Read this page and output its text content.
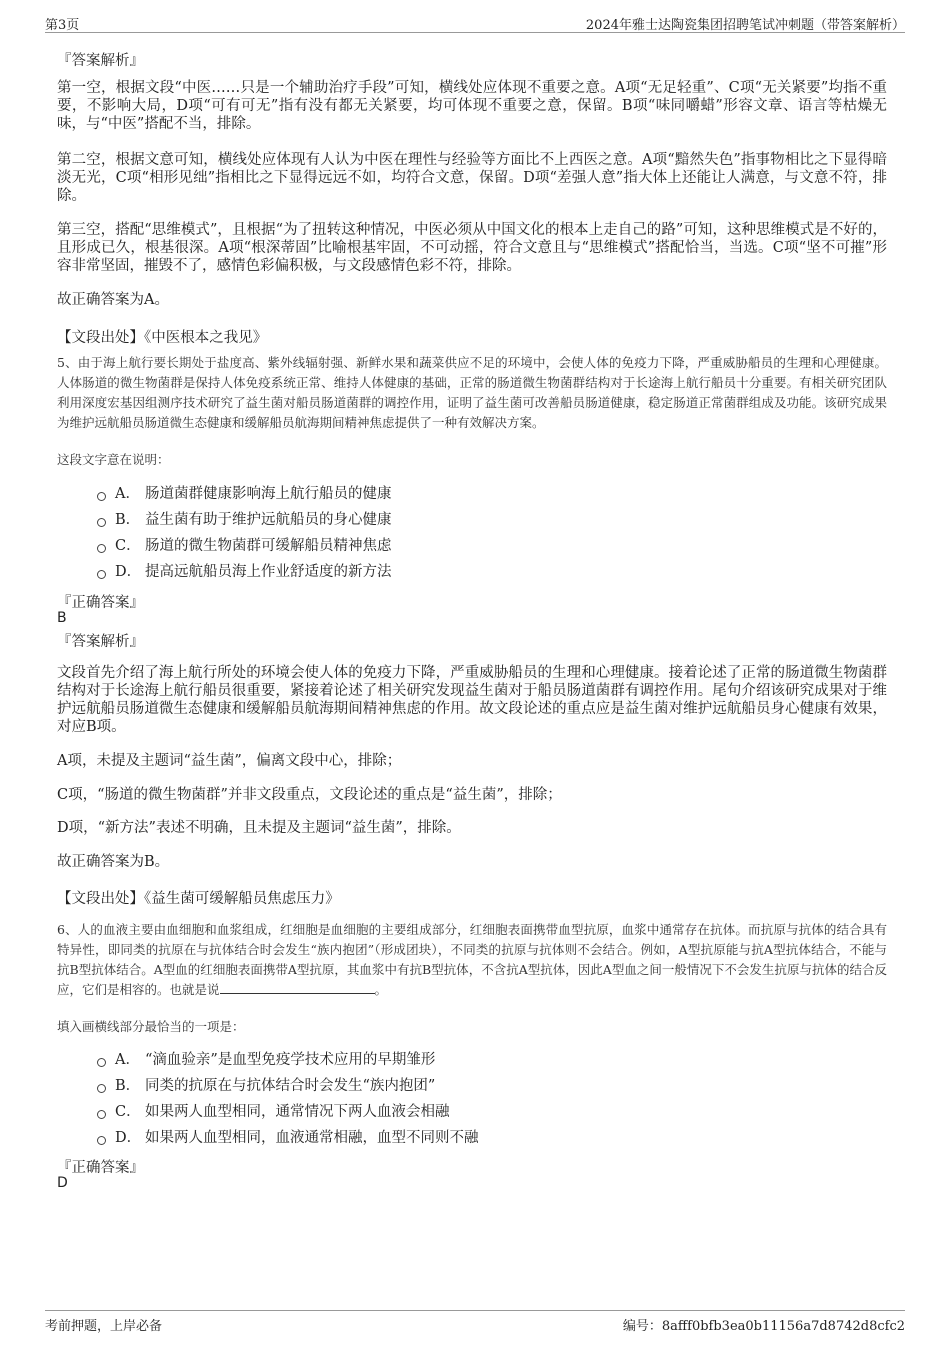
第3页	2024年雅士达陶瓷集团招聘笔试冲刺题（带答案解析）
『答案解析』

第一空，根据文段“中医……只是一个辅助治疗手段”可知，横线处应体现不重要之意。A项“无足轻重”、C项“无关紧要”均指不重要，不影响大局，D项“可有可无”指有没有都无关紧要，均可体现不重要之意，保留。B项“味同嚼蜡”形容文章、语言等枯燥无味，与“中医”搭配不当，排除。

第二空，根据文意可知，横线处应体现有人认为中医在理性与经验等方面比不上西医之意。A项“黯然失色”指事物相比之下显得暗淡无光，C项“相形见绌”指相比之下显得远远不如，均符合文意，保留。D项“差强人意”指大体上还能让人满意，与文意不符，排除。

第三空，搭配“思维模式”，且根据“为了扭转这种情况，中医必须从中国文化的根本上走自己的路”可知，这种思维模式是不好的，且形成已久，根基很深。A项“根深蒂固”比喻根基牢固，不可动摇，符合文意且与“思维模式”搭配恰当，当选。C项“坚不可摧”形容非常坚固，摧毁不了，感情色彩偏积极，与文段感情色彩不符，排除。

故正确答案为A。

【文段出处】《中医根本之我见》

5、由于海上航行要长期处于盐度高、紫外线辐射强、新鲜水果和蔬菜供应不足的环境中，会使人体的免疫力下降，严重威胁船员的生理和心理健康。人体肠道的微生物菌群是保持人体免疫系统正常、维持人体健康的基础，正常的肠道微生物菌群结构对于长途海上航行船员十分重要。有相关研究团队利用深度宏基因组测序技术研究了益生菌对船员肠道菌群的调控作用，证明了益生菌可改善船员肠道健康，稳定肠道正常菌群组成及功能。该研究成果为维护远航船员肠道微生态健康和缓解船员航海期间精神焦虑提供了一种有效解决方案。

这段文字意在说明：
A． 肠道菌群健康影响海上航行船员的健康
B． 益生菌有助于维护远航船员的身心健康
C． 肠道的微生物菌群可缓解船员精神焦虑
D． 提高远航船员海上作业舒适度的新方法
『正确答案』
B
『答案解析』

文段首先介绍了海上航行所处的环境会使人体的免疫力下降，严重威胁船员的生理和心理健康。接着论述了正常的肠道微生物菌群结构对于长途海上航行船员很重要，紧接着论述了相关研究发现益生菌对于船员肠道菌群有调控作用。尾句介绍该研究成果对于维护远航船员肠道微生态健康和缓解船员航海期间精神焦虑的作用。故文段论述的重点应是益生菌对维护远航船员身心健康有效果，对应B项。

A项，未提及主题词“益生菌”，偏离文段中心，排除；

C项，“肠道的微生物菌群”并非文段重点，文段论述的重点是“益生菌”，排除；

D项，“新方法”表述不明确，且未提及主题词“益生菌”，排除。

故正确答案为B。

【文段出处】《益生菌可缓解船员焦虑压力》

6、人的血液主要由血细胞和血浆组成，红细胞是血细胞的主要组成部分，红细胞表面携带血型抗原，血浆中通常存在抗体。而抗原与抗体的结合具有特异性，即同类的抗原在与抗体结合时会发生“族内抱团”（形成团块），不同类的抗原与抗体则不会结合。例如，A型抗原能与抗A型抗体结合，不能与抗B型抗体结合。A型血的红细胞表面携带A型抗原，其血浆中有抗B型抗体，不含抗A型抗体，因此A型血之间一般情况下不会发生抗原与抗体的结合反应，它们是相容的。也就是说	。

填入画横线部分最恰当的一项是：
A． “滴血验亲”是血型免疫学技术应用的早期雏形
B． 同类的抗原在与抗体结合时会发生“族内抱团”
C． 如果两人血型相同，通常情况下两人血液会相融
D． 如果两人血型相同，血液通常相融，血型不同则不融
『正确答案』
D
考前押题，上岸必备	编号：8afff0bfb3ea0b11156a7d8742d8cfc2
